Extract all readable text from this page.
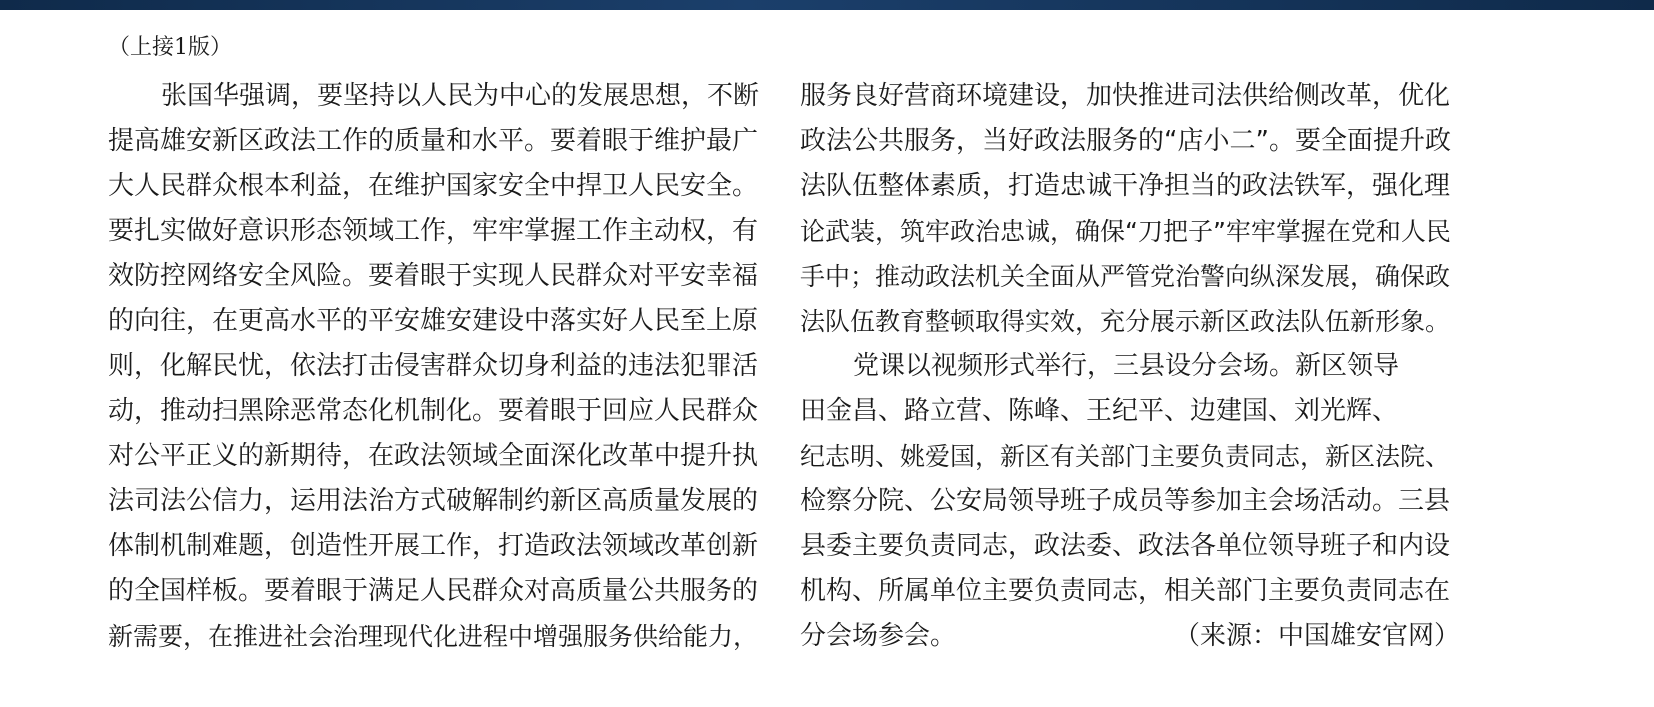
（上接1版）
张国华强调，要坚持以人民为中心的发展思想，不断
提高雄安新区政法工作的质量和水平。要着眼于维护最广
大人民群众根本利益，在维护国家安全中捍卫人民安全。
要扎实做好意识形态领域工作，牢牢掌握工作主动权，有
效防控网络安全风险。要着眼于实现人民群众对平安幸福
的向往，在更高水平的平安雄安建设中落实好人民至上原
则，化解民忧，依法打击侵害群众切身利益的违法犯罪活
动，推动扫黑除恶常态化机制化。要着眼于回应人民群众
对公平正义的新期待，在政法领域全面深化改革中提升执
法司法公信力，运用法治方式破解制约新区高质量发展的
体制机制难题，创造性开展工作，打造政法领域改革创新
的全国样板。要着眼于满足人民群众对高质量公共服务的
新需要，在推进社会治理现代化进程中增强服务供给能力，
服务良好营商环境建设，加快推进司法供给侧改革，优化
政法公共服务，当好政法服务的“店小二”。要全面提升政
法队伍整体素质，打造忠诚干净担当的政法铁军，强化理
论武装，筑牢政治忠诚，确保“刀把子”牢牢掌握在党和人民
手中；推动政法机关全面从严管党治警向纵深发展，确保政
法队伍教育整顿取得实效，充分展示新区政法队伍新形象。
党课以视频形式举行，三县设分会场。新区领导
田金昌、路立营、陈峰、王纪平、边建国、刘光辉、
纪志明、姚爱国，新区有关部门主要负责同志，新区法院、
检察分院、公安局领导班子成员等参加主会场活动。三县
县委主要负责同志，政法委、政法各单位领导班子和内设
机构、所属单位主要负责同志，相关部门主要负责同志在
分会场参会。	（来源：中国雄安官网）
